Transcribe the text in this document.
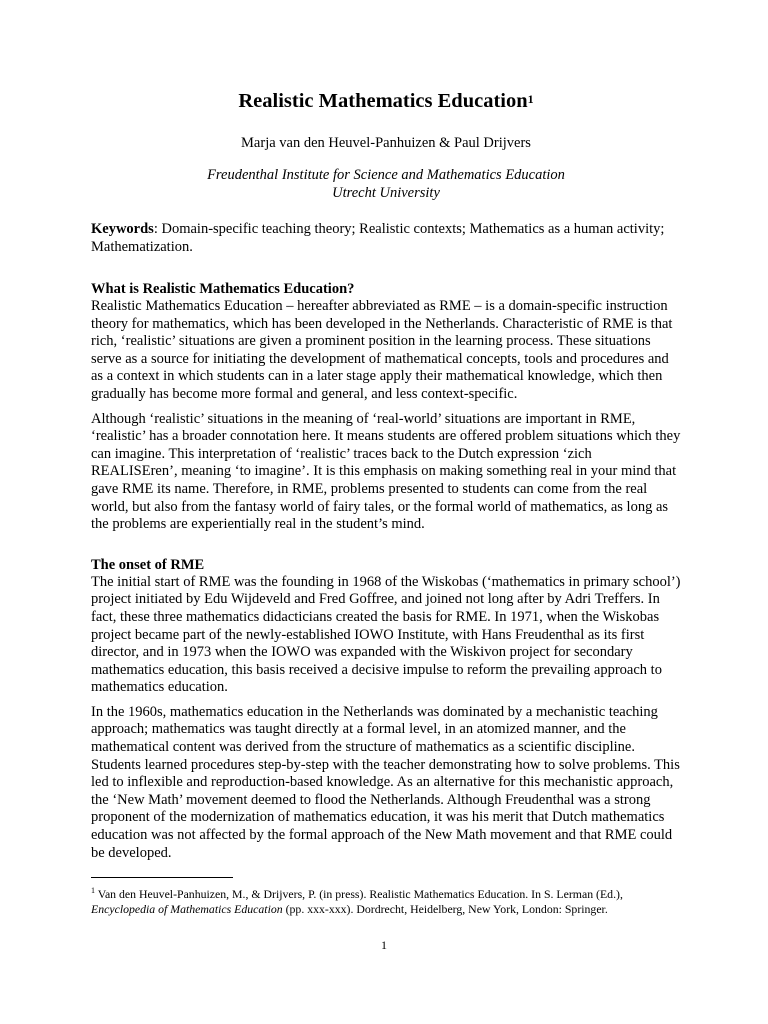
Realistic Mathematics Education$^1$
Marja van den Heuvel-Panhuizen & Paul Drijvers
Freudenthal Institute for Science and Mathematics Education
Utrecht University
Keywords: Domain-specific teaching theory; Realistic contexts; Mathematics as a human activity; Mathematization.
What is Realistic Mathematics Education?

Realistic Mathematics Education – hereafter abbreviated as RME – is a domain-specific instruction theory for mathematics, which has been developed in the Netherlands. Characteristic of RME is that rich, ‘realistic’ situations are given a prominent position in the learning process. These situations serve as a source for initiating the development of mathematical concepts, tools and procedures and as a context in which students can in a later stage apply their mathematical knowledge, which then gradually has become more formal and general, and less context-specific.

Although ‘realistic’ situations in the meaning of ‘real-world’ situations are important in RME, ‘realistic’ has a broader connotation here. It means students are offered problem situations which they can imagine. This interpretation of ‘realistic’ traces back to the Dutch expression ‘zich REALISEren’, meaning ‘to imagine’. It is this emphasis on making something real in your mind that gave RME its name. Therefore, in RME, problems presented to students can come from the real world, but also from the fantasy world of fairy tales, or the formal world of mathematics, as long as the problems are experientially real in the student’s mind.

The onset of RME

The initial start of RME was the founding in 1968 of the Wiskobas (‘mathematics in primary school’) project initiated by Edu Wijdeveld and Fred Goffree, and joined not long after by Adri Treffers. In fact, these three mathematics didacticians created the basis for RME. In 1971, when the Wiskobas project became part of the newly-established IOWO Institute, with Hans Freudenthal as its first director, and in 1973 when the IOWO was expanded with the Wiskivon project for secondary mathematics education, this basis received a decisive impulse to reform the prevailing approach to mathematics education.

In the 1960s, mathematics education in the Netherlands was dominated by a mechanistic teaching approach; mathematics was taught directly at a formal level, in an atomized manner, and the mathematical content was derived from the structure of mathematics as a scientific discipline. Students learned procedures step-by-step with the teacher demonstrating how to solve problems. This led to inflexible and reproduction-based knowledge. As an alternative for this mechanistic approach, the ‘New Math’ movement deemed to flood the Netherlands. Although Freudenthal was a strong proponent of the modernization of mathematics education, it was his merit that Dutch mathematics education was not affected by the formal approach of the New Math movement and that RME could be developed.

$^1$ Van den Heuvel-Panhuizen, M., & Drijvers, P. (in press). Realistic Mathematics Education. In S. Lerman (Ed.), Encyclopedia of Mathematics Education (pp. xxx-xxx). Dordrecht, Heidelberg, New York, London: Springer.
1
